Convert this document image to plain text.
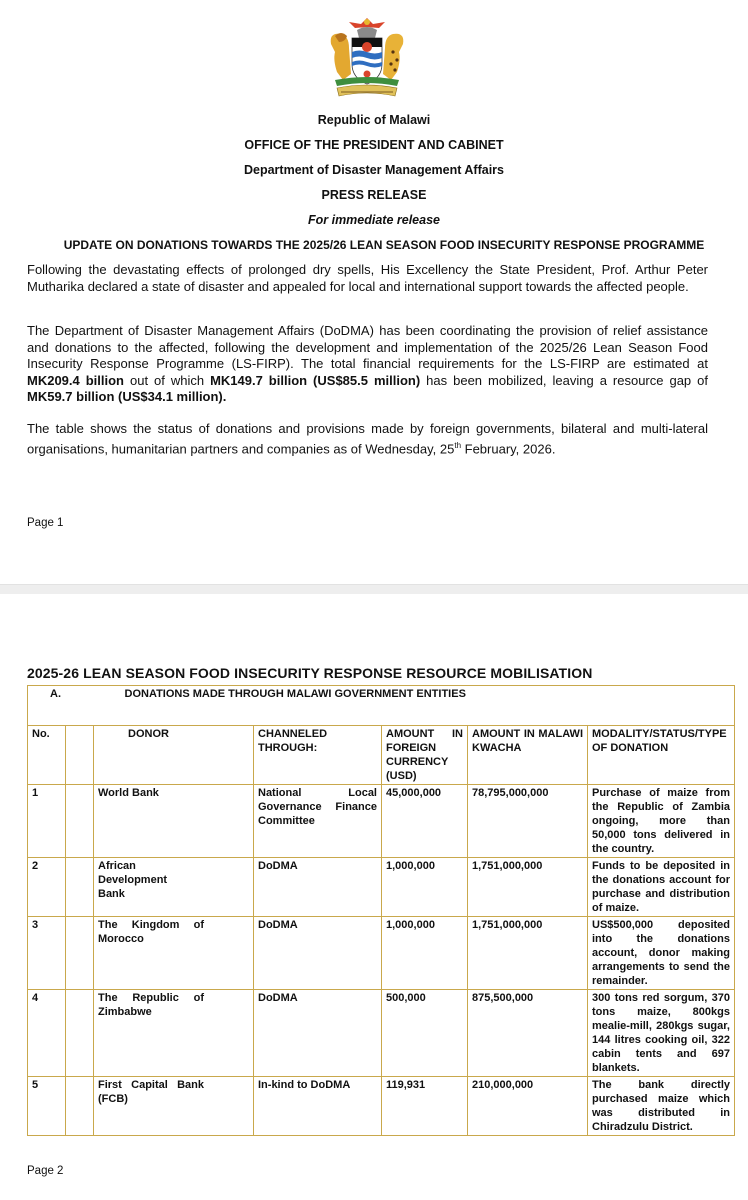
Republic of Malawi
OFFICE OF THE PRESIDENT AND CABINET
Department of Disaster Management Affairs
PRESS RELEASE
For immediate release
UPDATE ON DONATIONS TOWARDS THE 2025/26 LEAN SEASON FOOD INSECURITY RESPONSE PROGRAMME

Following the devastating effects of prolonged dry spells, His Excellency the State President, Prof. Arthur Peter Mutharika declared a state of disaster and appealed for local and international support towards the affected people.

The Department of Disaster Management Affairs (DoDMA) has been coordinating the provision of relief assistance and donations to the affected, following the development and implementation of the 2025/26 Lean Season Food Insecurity Response Programme (LS-FIRP). The total financial requirements for the LS-FIRP are estimated at MK209.4 billion out of which MK149.7 billion (US$85.5 million) has been mobilized, leaving a resource gap of MK59.7 billion (US$34.1 million).

The table shows the status of donations and provisions made by foreign governments, bilateral and multi-lateral organisations, humanitarian partners and companies as of Wednesday, 25th February, 2026.

Page 1
2025-26 LEAN SEASON FOOD INSECURITY RESPONSE RESOURCE MOBILISATION
A.	DONATIONS MADE THROUGH MALAWI GOVERNMENT ENTITIES					
No.		DONOR	CHANNELED THROUGH:	AMOUNT IN FOREIGN CURRENCY (USD)	AMOUNT IN MALAWI KWACHA	MODALITY/STATUS/TYPE OF DONATION
1		World Bank	National Local Governance Finance Committee	45,000,000	78,795,000,000	Purchase of maize from the Republic of Zambia ongoing, more than 50,000 tons delivered in the country.
2		African Development Bank	DoDMA	1,000,000	1,751,000,000	Funds to be deposited in the donations account for purchase and distribution of maize.
3		The Kingdom of Morocco	DoDMA	1,000,000	1,751,000,000	US$500,000 deposited into the donations account, donor making arrangements to send the remainder.
4		The Republic of Zimbabwe	DoDMA	500,000	875,500,000	300 tons red sorgum, 370 tons maize, 800kgs mealie-mill, 280kgs sugar, 144 litres cooking oil, 322 cabin tents and 697 blankets.
5		First Capital Bank (FCB)	In-kind to DoDMA	119,931	210,000,000	The bank directly purchased maize which was distributed in Chiradzulu District.
Page 2
